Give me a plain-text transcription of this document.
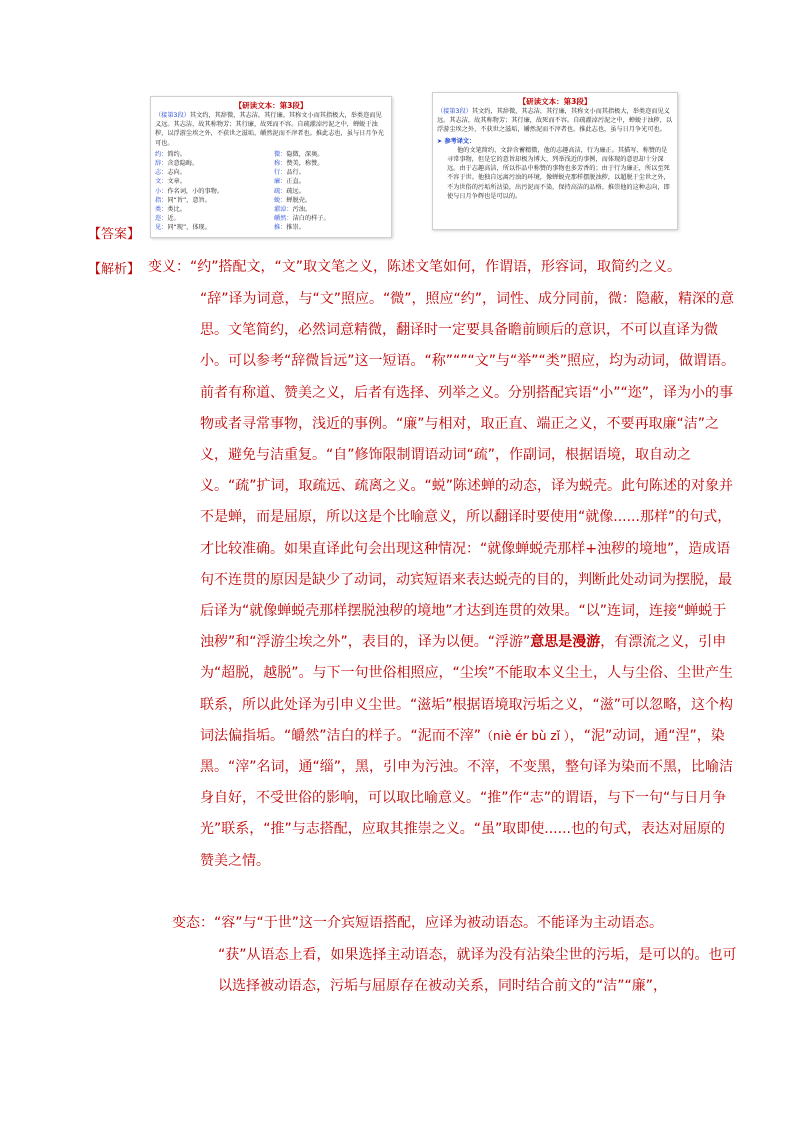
【研读文本：第3段】
（接第3段）其文约，其辞微，其志洁，其行廉。其称文小而其指极大，举类迩而见义远。其志洁，故其称物芳；其行廉，故死而不容。自疏濯淖污泥之中，蝉蜕于浊秽，以浮游尘埃之外，不获世之滋垢，皭然泥而不滓者也。推此志也，虽与日月争光可也。
约：简约。	微：隐微，深奥。
辞：含意隐晦。	称：赞美，称赞。
志：志向。	行：品行。
文：文章。	廉：正直。
小：作名词，小的事物。	疏：疏远。
指：同“旨”，意旨。	蜕：蝉脱壳。
类：类比。	濯淖：污浊。
迩：近。	皭然：洁白的样子。
见：同“现”，体现。	推：推崇。
【研读文本：第3段】
（接第3段）其文约，其辞微，其志洁，其行廉，其称文小而其指极大，举类迩而见义远。其志洁，故其称物芳；其行廉，故死而不容。自疏濯淖污泥之中，蝉蜕于浊秽，以浮游尘埃之外，不获世之滋垢，皭然泥而不滓者也。推此志也，虽与日月争光可也。
➤ 参考译文：
他的文笔简约，文辞含蓄精微，他的志趣高洁，行为廉正。其描写、称赞的是寻常事物，但是它的意旨却极为博大，列举浅近的事例，而体现的意思却十分深远。由于志趣高洁，所以作品中称赞的事物也多芳香的；由于行为廉正，所以至死不容于世。他独自远离污浊的环境，像蝉蜕壳那样摆脱浊秽，以超脱于尘世之外，不为世俗的污垢所沾染，出污泥而不染，保持高洁的品格。推崇他的这种志向，即使与日月争辉也是可以的。
【答案】
【解析】 变义：“约”搭配文，“文”取文笔之义，陈述文笔如何，作谓语，形容词，取简约之义。

“辞”译为词意，与“文”照应。“微”，照应“约”，词性、成分同前，微：隐蔽，精深的意思。文笔简约，必然词意精微，翻译时一定要具备瞻前顾后的意识，不可以直译为微小。可以参考“辞微旨远”这一短语。“称”“”“文”与“举”“类”照应，均为动词，做谓语。前者有称道、赞美之义，后者有选择、列举之义。分别搭配宾语“小”“迩”，译为小的事物或者寻常事物，浅近的事例。“廉”与相对，取正直、端正之义，不要再取廉“洁”之义，避免与洁重复。“自”修饰限制谓语动词“疏”，作副词，根据语境，取自动之义。“疏”扩词，取疏远、疏离之义。“蜕”陈述蝉的动态，译为蜕壳。此句陈述的对象并不是蝉，而是屈原，所以这是个比喻意义，所以翻译时要使用“就像......那样”的句式，才比较准确。如果直译此句会出现这种情况：“就像蝉蜕壳那样+浊秽的境地”，造成语句不连贯的原因是缺少了动词，动宾短语来表达蜕壳的目的，判断此处动词为摆脱，最后译为“就像蝉蜕壳那样摆脱浊秽的境地”才达到连贯的效果。“以”连词，连接“蝉蜕于浊秽”和“浮游尘埃之外”，表目的，译为以便。“浮游”意思是漫游，有漂流之义，引申为“超脱，越脱”。与下一句世俗相照应，“尘埃”不能取本义尘土，人与尘俗、尘世产生联系，所以此处译为引申义尘世。“滋垢”根据语境取污垢之义，“滋”可以忽略，这个构词法偏指垢。“皭然”洁白的样子。“泥而不滓”（niè ér bù zǐ ），“泥”动词，通“涅”，染黑。“滓”名词，通“缁”，黑，引申为污浊。不滓，不变黑，整句译为染而不黑，比喻洁身自好，不受世俗的影响，可以取比喻意义。“推”作“志”的谓语，与下一句“与日月争光”联系，“推”与志搭配，应取其推崇之义。“虽”取即使......也的句式，表达对屈原的赞美之情。

变态：“容”与“于世”这一介宾短语搭配，应译为被动语态。不能译为主动语态。

“获”从语态上看，如果选择主动语态，就译为没有沾染尘世的污垢，是可以的。也可以选择被动语态，污垢与屈原存在被动关系，同时结合前文的“洁”“廉”，
